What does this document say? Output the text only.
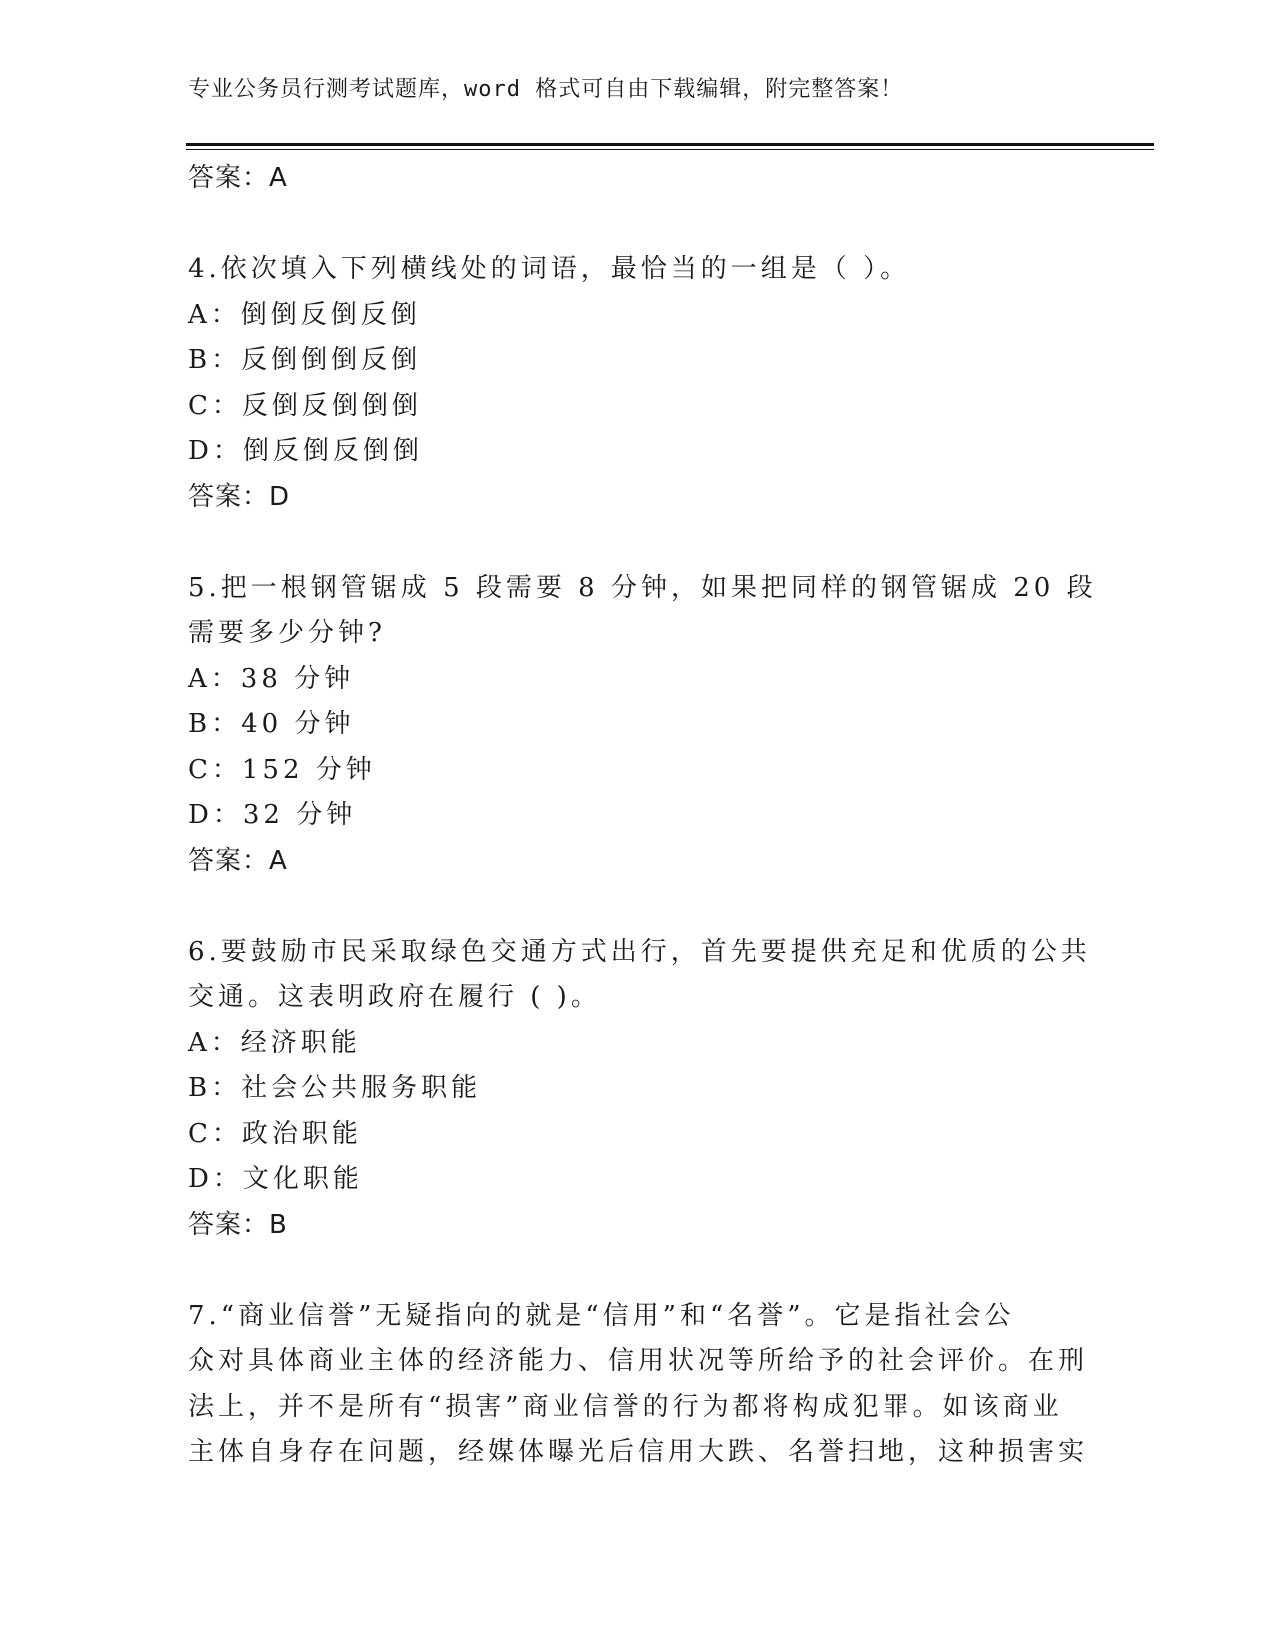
专业公务员行测考试题库，word 格式可自由下载编辑，附完整答案！
答案：A
4.依次填入下列横线处的词语，最恰当的一组是（ ）。
A：倒倒反倒反倒
B：反倒倒倒反倒
C：反倒反倒倒倒
D：倒反倒反倒倒
答案：D
5.把一根钢管锯成 5 段需要 8 分钟，如果把同样的钢管锯成 20 段
需要多少分钟?
A：38 分钟
B：40 分钟
C：152 分钟
D：32 分钟
答案：A
6.要鼓励市民采取绿色交通方式出行，首先要提供充足和优质的公共
交通。这表明政府在履行 ( )。
A：经济职能
B：社会公共服务职能
C：政治职能
D：文化职能
答案：B
7.“商业信誉”无疑指向的就是“信用”和“名誉”。它是指社会公
众对具体商业主体的经济能力、信用状况等所给予的社会评价。在刑
法上，并不是所有“损害”商业信誉的行为都将构成犯罪。如该商业
主体自身存在问题，经媒体曝光后信用大跌、名誉扫地，这种损害实
